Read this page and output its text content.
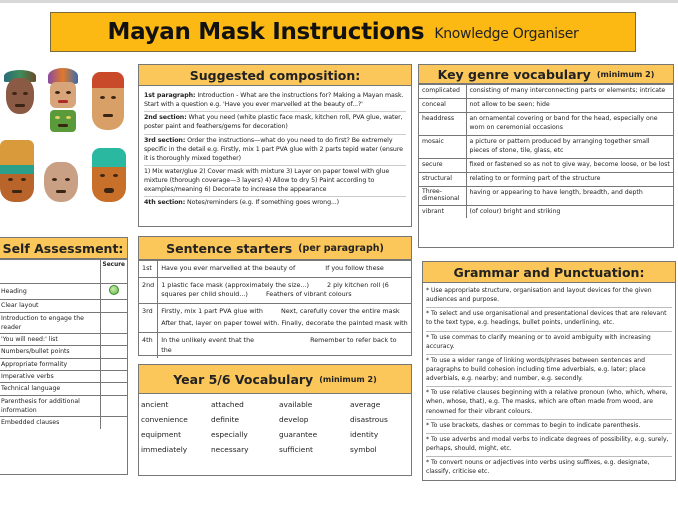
Mayan Mask Instructions Knowledge Organiser
Suggested composition:
1st paragraph: Introduction - What are the instructions for? Making a Mayan mask. Start with a question e.g. 'Have you ever marvelled at the beauty of...?'
2nd section: What you need (white plastic face mask, kitchen roll, PVA glue, water, poster paint and feathers/gems for decoration)
3rd section: Order the instructions—what do you need to do first? Be extremely specific in the detail e.g. Firstly, mix 1 part PVA glue with 2 parts tepid water (ensure it is thoroughly mixed together)
1) Mix water/glue 2) Cover mask with mixture 3) Layer on paper towel with glue mixture (thorough coverage—3 layers) 4) Allow to dry 5) Paint according to examples/meaning 6) Decorate to increase the appearance
4th section: Notes/reminders (e.g. If something goes wrong...)
Key genre vocabulary (minimum 2)
complicated	consisting of many interconnecting parts or elements; intricate
conceal	not allow to be seen; hide
headdress	an ornamental covering or band for the head, especially one worn on ceremonial occasions
mosaic	a picture or pattern produced by arranging together small pieces of stone, tile, glass, etc
secure	fixed or fastened so as not to give way, become loose, or be lost
structural	relating to or forming part of the structure
Three-dimensional	having or appearing to have length, breadth, and depth
vibrant	(of colour) bright and striking
Self Assessment:
	Secure
Heading	
Clear layout	
Introduction to engage the reader	
'You will need:' list	
Numbers/bullet points	
Appropriate formality	
Imperative verbs	
Technical language	
Parenthesis for additional information	
Embedded clauses	
Sentence starters (per paragraph)
1st	Have you ever marvelled at the beauty of If you follow these
2nd	1 plastic face mask (approximately the size...) 2 ply kitchen roll (6 squares per child should...) Feathers of vibrant colours
3rd	Firstly, mix 1 part PVA glue with Next, carefully cover the entire mask
After that, layer on paper towel with. Finally, decorate the painted mask with

4th	In the unlikely event that the Remember to refer back to the
Year 5/6 Vocabulary (minimum 2)
ancient	attached	available	average
convenience	definite	develop	disastrous
equipment	especially	guarantee	identity
immediately	necessary	sufficient	symbol
Grammar and Punctuation:
* Use appropriate structure, organisation and layout devices for the given audiences and purpose.
* To select and use organisational and presentational devices that are relevant to the text type, e.g. headings, bullet points, underlining, etc.
* To use commas to clarify meaning or to avoid ambiguity with increasing accuracy.
* To use a wider range of linking words/phrases between sentences and paragraphs to build cohesion including time adverbials, e.g. later; place adverbials, e.g. nearby; and number, e.g. secondly.
* To use relative clauses beginning with a relative pronoun (who, which, where, when, whose, that), e.g. The masks, which are often made from wood, are renowned for their vibrant colours.
* To use brackets, dashes or commas to begin to indicate parenthesis.
* To use adverbs and modal verbs to indicate degrees of possibility, e.g. surely, perhaps, should, might, etc.
* To convert nouns or adjectives into verbs using suffixes, e.g. designate, classify, criticise etc.
